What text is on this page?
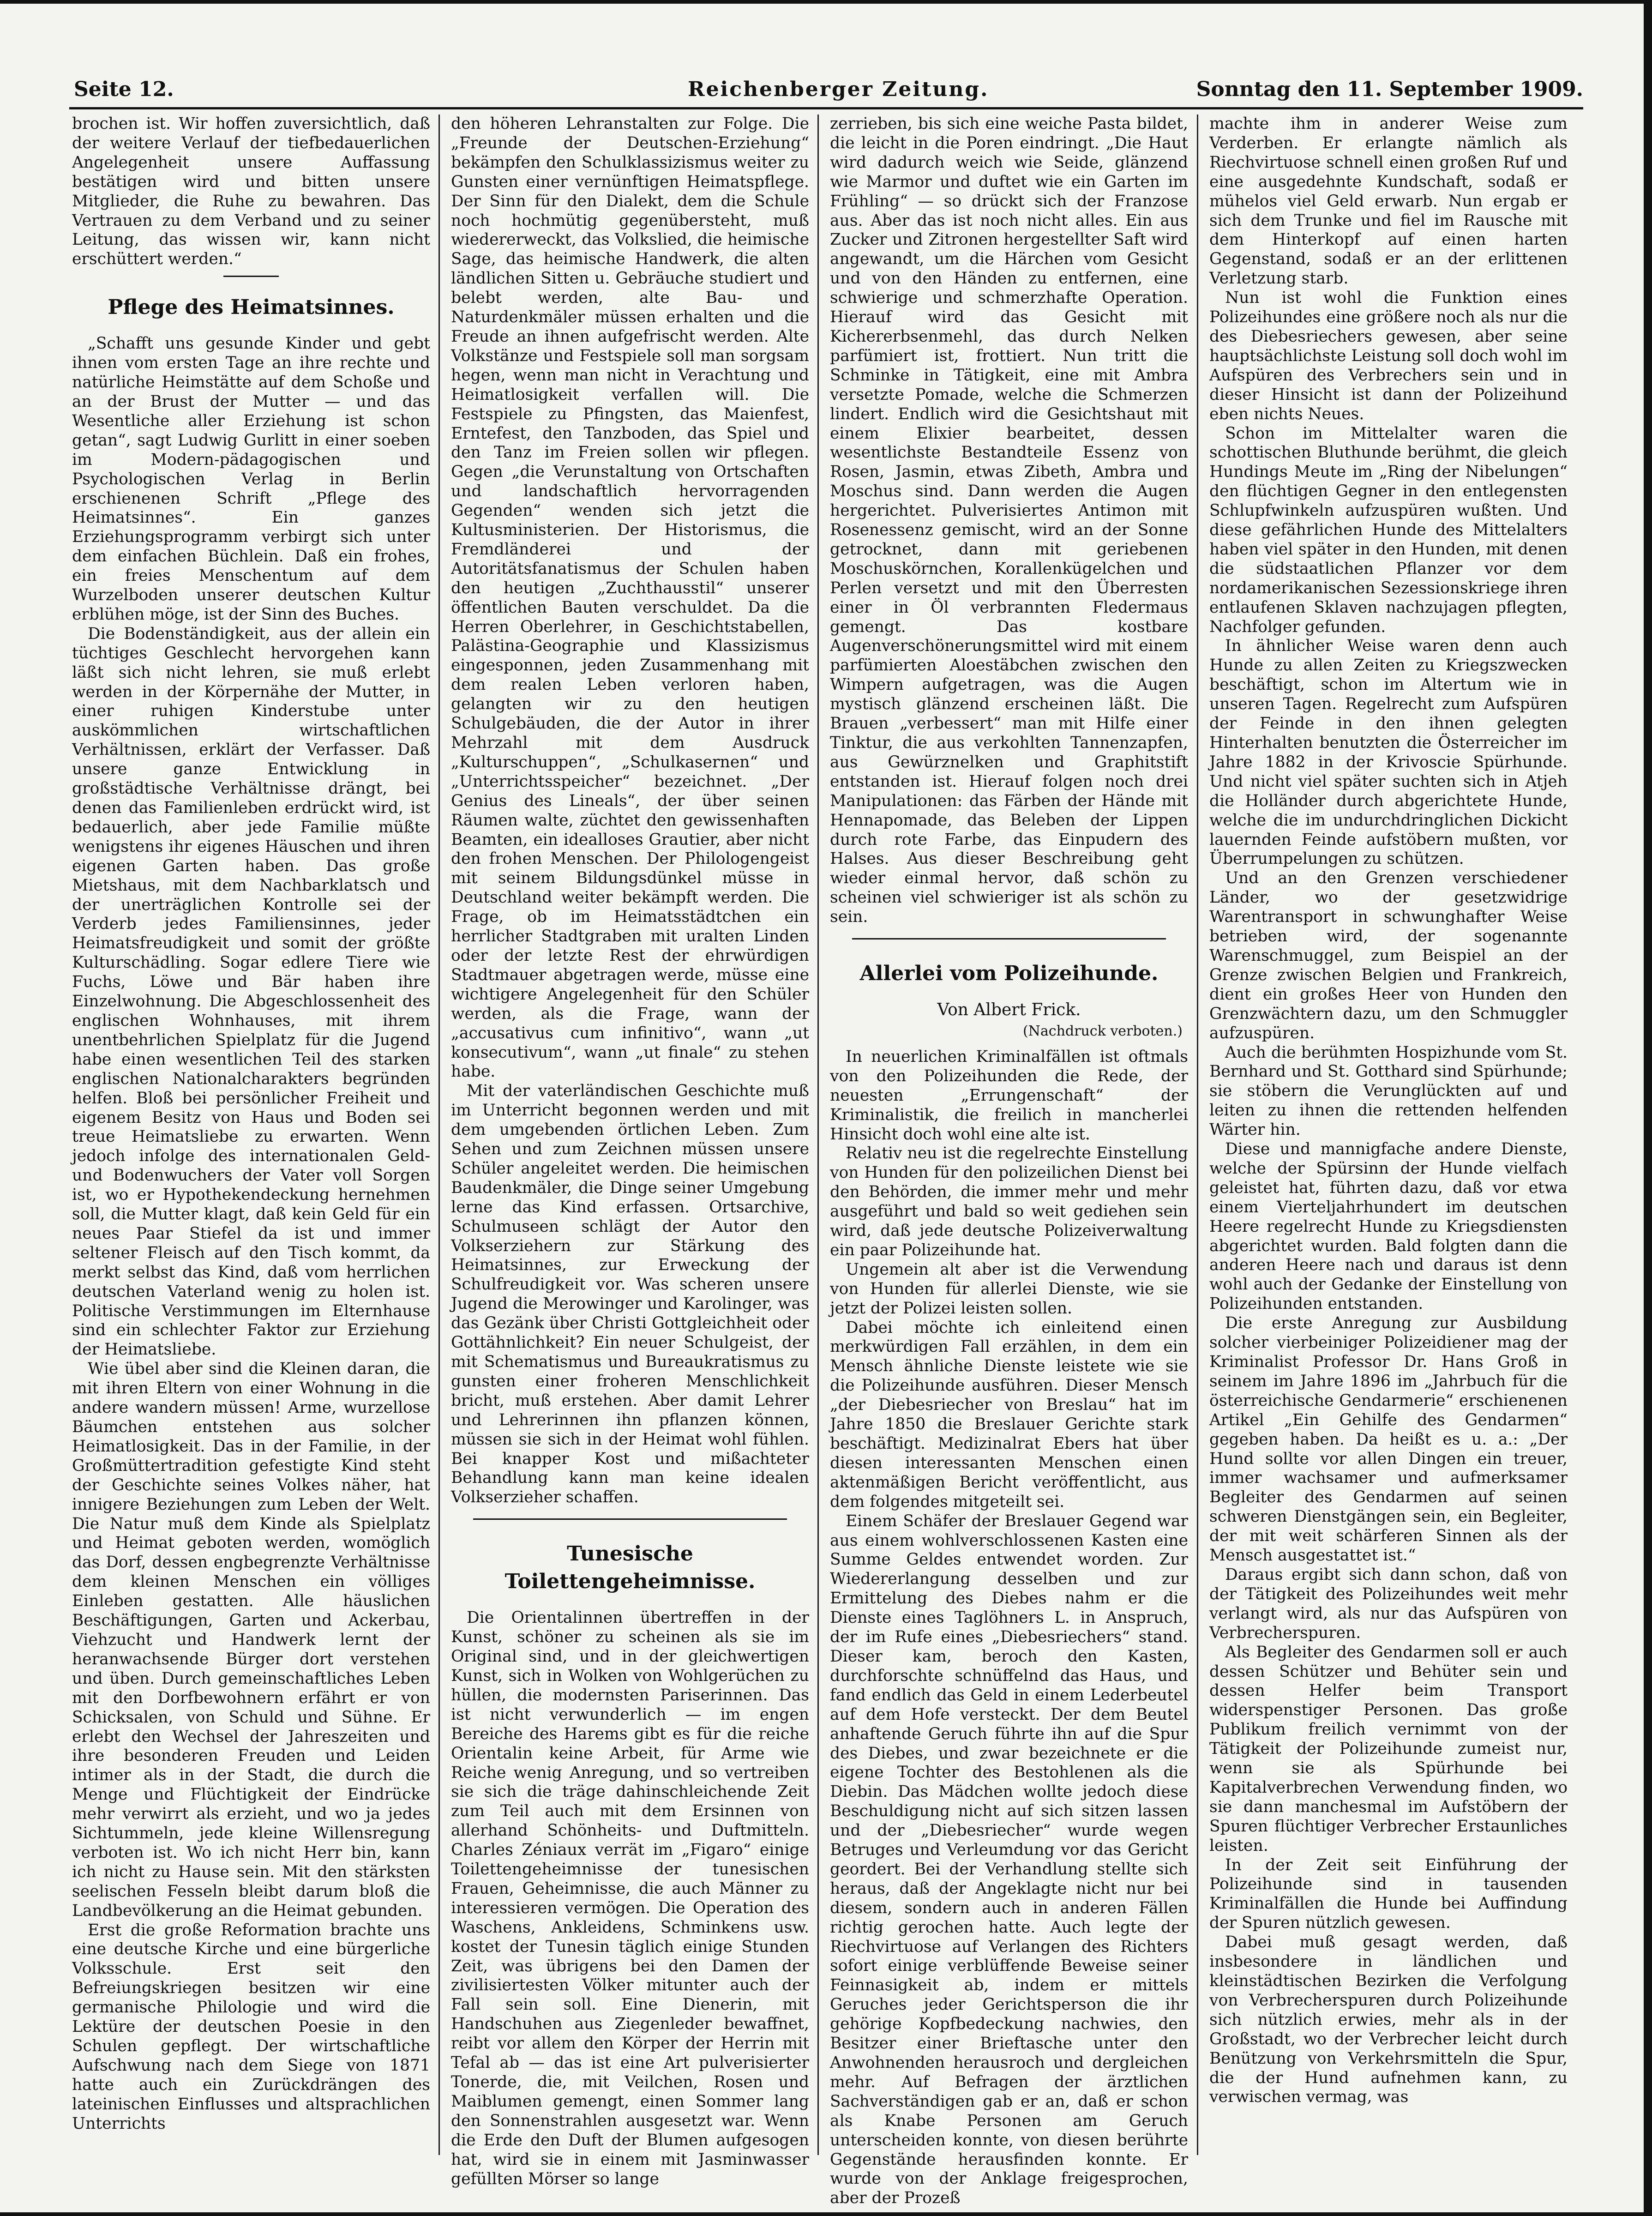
Seite 12.	Reichenberger Zeitung.	Sonntag den 11. September 1909.

brochen ist. Wir hoffen zuversichtlich, daß der weitere Verlauf der tiefbedauerlichen Angelegenheit unsere Auffassung bestätigen wird und bitten unsere Mitglieder, die Ruhe zu bewahren. Das Vertrauen zu dem Verband und zu seiner Leitung, das wissen wir, kann nicht erschüttert werden.“

Pflege des Heimatsinnes.

„Schafft uns gesunde Kinder und gebt ihnen vom ersten Tage an ihre rechte und natürliche Heimstätte auf dem Schoße und an der Brust der Mutter — und das Wesentliche aller Erziehung ist schon getan“, sagt Ludwig Gurlitt in einer soeben im Modern-pädagogischen und Psychologischen Verlag in Berlin erschienenen Schrift „Pflege des Heimatsinnes“. Ein ganzes Erziehungsprogramm verbirgt sich unter dem einfachen Büchlein. Daß ein frohes, ein freies Menschentum auf dem Wurzelboden unserer deutschen Kultur erblühen möge, ist der Sinn des Buches.

Die Bodenständigkeit, aus der allein ein tüchtiges Geschlecht hervorgehen kann läßt sich nicht lehren, sie muß erlebt werden in der Körpernähe der Mutter, in einer ruhigen Kinderstube unter auskömmlichen wirtschaftlichen Verhältnissen, erklärt der Verfasser. Daß unsere ganze Entwicklung in großstädtische Verhältnisse drängt, bei denen das Familienleben erdrückt wird, ist bedauerlich, aber jede Familie müßte wenigstens ihr eigenes Häuschen und ihren eigenen Garten haben. Das große Mietshaus, mit dem Nachbarklatsch und der unerträglichen Kontrolle sei der Verderb jedes Familiensinnes, jeder Heimatsfreudigkeit und somit der größte Kulturschädling. Sogar edlere Tiere wie Fuchs, Löwe und Bär haben ihre Einzelwohnung. Die Abgeschlossenheit des englischen Wohnhauses, mit ihrem unentbehrlichen Spielplatz für die Jugend habe einen wesentlichen Teil des starken englischen Nationalcharakters begründen helfen. Bloß bei persönlicher Freiheit und eigenem Besitz von Haus und Boden sei treue Heimatsliebe zu erwarten. Wenn jedoch infolge des internationalen Geld- und Bodenwuchers der Vater voll Sorgen ist, wo er Hypothekendeckung hernehmen soll, die Mutter klagt, daß kein Geld für ein neues Paar Stiefel da ist und immer seltener Fleisch auf den Tisch kommt, da merkt selbst das Kind, daß vom herrlichen deutschen Vaterland wenig zu holen ist. Politische Verstimmungen im Elternhause sind ein schlechter Faktor zur Erziehung der Heimatsliebe.

Wie übel aber sind die Kleinen daran, die mit ihren Eltern von einer Wohnung in die andere wandern müssen! Arme, wurzellose Bäumchen entstehen aus solcher Heimatlosigkeit. Das in der Familie, in der Großmüttertradition gefestigte Kind steht der Geschichte seines Volkes näher, hat innigere Beziehungen zum Leben der Welt. Die Natur muß dem Kinde als Spielplatz und Heimat geboten werden, womöglich das Dorf, dessen engbegrenzte Verhältnisse dem kleinen Menschen ein völliges Einleben gestatten. Alle häuslichen Beschäftigungen, Garten und Ackerbau, Viehzucht und Handwerk lernt der heranwachsende Bürger dort verstehen und üben. Durch gemeinschaftliches Leben mit den Dorfbewohnern erfährt er von Schicksalen, von Schuld und Sühne. Er erlebt den Wechsel der Jahreszeiten und ihre besonderen Freuden und Leiden intimer als in der Stadt, die durch die Menge und Flüchtigkeit der Eindrücke mehr verwirrt als erzieht, und wo ja jedes Sichtummeln, jede kleine Willensregung verboten ist. Wo ich nicht Herr bin, kann ich nicht zu Hause sein. Mit den stärksten seelischen Fesseln bleibt darum bloß die Landbevölkerung an die Heimat gebunden.

Erst die große Reformation brachte uns eine deutsche Kirche und eine bürgerliche Volksschule. Erst seit den Befreiungskriegen besitzen wir eine germanische Philologie und wird die Lektüre der deutschen Poesie in den Schulen gepflegt. Der wirtschaftliche Aufschwung nach dem Siege von 1871 hatte auch ein Zurückdrängen des lateinischen Einflusses und altsprachlichen Unterrichts

den höheren Lehranstalten zur Folge. Die „Freunde der Deutschen-Erziehung“ bekämpfen den Schulklassizismus weiter zu Gunsten einer vernünftigen Heimatspflege. Der Sinn für den Dialekt, dem die Schule noch hochmütig gegenübersteht, muß wiedererweckt, das Volkslied, die heimische Sage, das heimische Handwerk, die alten ländlichen Sitten u. Gebräuche studiert und belebt werden, alte Bau- und Naturdenkmäler müssen erhalten und die Freude an ihnen aufgefrischt werden. Alte Volkstänze und Festspiele soll man sorgsam hegen, wenn man nicht in Verachtung und Heimatlosigkeit verfallen will. Die Festspiele zu Pfingsten, das Maienfest, Erntefest, den Tanzboden, das Spiel und den Tanz im Freien sollen wir pflegen. Gegen „die Verunstaltung von Ortschaften und landschaftlich hervorragenden Gegenden“ wenden sich jetzt die Kultusministerien. Der Historismus, die Fremdländerei und der Autoritätsfanatismus der Schulen haben den heutigen „Zuchthausstil“ unserer öffentlichen Bauten verschuldet. Da die Herren Oberlehrer, in Geschichtstabellen, Palästina-Geographie und Klassizismus eingesponnen, jeden Zusammenhang mit dem realen Leben verloren haben, gelangten wir zu den heutigen Schulgebäuden, die der Autor in ihrer Mehrzahl mit dem Ausdruck „Kulturschuppen“, „Schulkasernen“ und „Unterrichtsspeicher“ bezeichnet. „Der Genius des Lineals“, der über seinen Räumen walte, züchtet den gewissenhaften Beamten, ein idealloses Grautier, aber nicht den frohen Menschen. Der Philologengeist mit seinem Bildungsdünkel müsse in Deutschland weiter bekämpft werden. Die Frage, ob im Heimatsstädtchen ein herrlicher Stadtgraben mit uralten Linden oder der letzte Rest der ehrwürdigen Stadtmauer abgetragen werde, müsse eine wichtigere Angelegenheit für den Schüler werden, als die Frage, wann der „accusativus cum infinitivo“, wann „ut konsecutivum“, wann „ut finale“ zu stehen habe.

Mit der vaterländischen Geschichte muß im Unterricht begonnen werden und mit dem umgebenden örtlichen Leben. Zum Sehen und zum Zeichnen müssen unsere Schüler angeleitet werden. Die heimischen Baudenkmäler, die Dinge seiner Umgebung lerne das Kind erfassen. Ortsarchive, Schulmuseen schlägt der Autor den Volkserziehern zur Stärkung des Heimatsinnes, zur Erweckung der Schulfreudigkeit vor. Was scheren unsere Jugend die Merowinger und Karolinger, was das Gezänk über Christi Gottgleichheit oder Gottähnlichkeit? Ein neuer Schulgeist, der mit Schematismus und Bureaukratismus zu gunsten einer froheren Menschlichkeit bricht, muß erstehen. Aber damit Lehrer und Lehrerinnen ihn pflanzen können, müssen sie sich in der Heimat wohl fühlen. Bei knapper Kost und mißachteter Behandlung kann man keine idealen Volkserzieher schaffen.

Tunesische Toilettengeheimnisse.

Die Orientalinnen übertreffen in der Kunst, schöner zu scheinen als sie im Original sind, und in der gleichwertigen Kunst, sich in Wolken von Wohlgerüchen zu hüllen, die modernsten Pariserinnen. Das ist nicht verwunderlich — im engen Bereiche des Harems gibt es für die reiche Orientalin keine Arbeit, für Arme wie Reiche wenig Anregung, und so vertreiben sie sich die träge dahinschleichende Zeit zum Teil auch mit dem Ersinnen von allerhand Schönheits- und Duftmitteln. Charles Zéniaux verrät im „Figaro“ einige Toilettengeheimnisse der tunesischen Frauen, Geheimnisse, die auch Männer zu interessieren vermögen. Die Operation des Waschens, Ankleidens, Schminkens usw. kostet der Tunesin täglich einige Stunden Zeit, was übrigens bei den Damen der zivilisiertesten Völker mitunter auch der Fall sein soll. Eine Dienerin, mit Handschuhen aus Ziegenleder bewaffnet, reibt vor allem den Körper der Herrin mit Tefal ab — das ist eine Art pulverisierter Tonerde, die, mit Veilchen, Rosen und Maiblumen gemengt, einen Sommer lang den Sonnenstrahlen ausgesetzt war. Wenn die Erde den Duft der Blumen aufgesogen hat, wird sie in einem mit Jasminwasser gefüllten Mörser so lange

zerrieben, bis sich eine weiche Pasta bildet, die leicht in die Poren eindringt. „Die Haut wird dadurch weich wie Seide, glänzend wie Marmor und duftet wie ein Garten im Frühling“ — so drückt sich der Franzose aus. Aber das ist noch nicht alles. Ein aus Zucker und Zitronen hergestellter Saft wird angewandt, um die Härchen vom Gesicht und von den Händen zu entfernen, eine schwierige und schmerzhafte Operation. Hierauf wird das Gesicht mit Kichererbsenmehl, das durch Nelken parfümiert ist, frottiert. Nun tritt die Schminke in Tätigkeit, eine mit Ambra versetzte Pomade, welche die Schmerzen lindert. Endlich wird die Gesichtshaut mit einem Elixier bearbeitet, dessen wesentlichste Bestandteile Essenz von Rosen, Jasmin, etwas Zibeth, Ambra und Moschus sind. Dann werden die Augen hergerichtet. Pulverisiertes Antimon mit Rosenessenz gemischt, wird an der Sonne getrocknet, dann mit geriebenen Moschuskörnchen, Korallenkügelchen und Perlen versetzt und mit den Überresten einer in Öl verbrannten Fledermaus gemengt. Das kostbare Augenverschönerungsmittel wird mit einem parfümierten Aloestäbchen zwischen den Wimpern aufgetragen, was die Augen mystisch glänzend erscheinen läßt. Die Brauen „verbessert“ man mit Hilfe einer Tinktur, die aus verkohlten Tannenzapfen, aus Gewürznelken und Graphitstift entstanden ist. Hierauf folgen noch drei Manipulationen: das Färben der Hände mit Hennapomade, das Beleben der Lippen durch rote Farbe, das Einpudern des Halses. Aus dieser Beschreibung geht wieder einmal hervor, daß schön zu scheinen viel schwieriger ist als schön zu sein.

Allerlei vom Polizeihunde.
Von Albert Frick.
(Nachdruck verboten.)

In neuerlichen Kriminalfällen ist oftmals von den Polizeihunden die Rede, der neuesten „Errungenschaft“ der Kriminalistik, die freilich in mancherlei Hinsicht doch wohl eine alte ist.

Relativ neu ist die regelrechte Einstellung von Hunden für den polizeilichen Dienst bei den Behörden, die immer mehr und mehr ausgeführt und bald so weit gediehen sein wird, daß jede deutsche Polizeiverwaltung ein paar Polizeihunde hat.

Ungemein alt aber ist die Verwendung von Hunden für allerlei Dienste, wie sie jetzt der Polizei leisten sollen.

Dabei möchte ich einleitend einen merkwürdigen Fall erzählen, in dem ein Mensch ähnliche Dienste leistete wie sie die Polizeihunde ausführen. Dieser Mensch „der Diebesriecher von Breslau“ hat im Jahre 1850 die Breslauer Gerichte stark beschäftigt. Medizinalrat Ebers hat über diesen interessanten Menschen einen aktenmäßigen Bericht veröffentlicht, aus dem folgendes mitgeteilt sei.

Einem Schäfer der Breslauer Gegend war aus einem wohlverschlossenen Kasten eine Summe Geldes entwendet worden. Zur Wiedererlangung desselben und zur Ermittelung des Diebes nahm er die Dienste eines Taglöhners L. in Anspruch, der im Rufe eines „Diebesriechers“ stand. Dieser kam, beroch den Kasten, durchforschte schnüffelnd das Haus, und fand endlich das Geld in einem Lederbeutel auf dem Hofe versteckt. Der dem Beutel anhaftende Geruch führte ihn auf die Spur des Diebes, und zwar bezeichnete er die eigene Tochter des Bestohlenen als die Diebin. Das Mädchen wollte jedoch diese Beschuldigung nicht auf sich sitzen lassen und der „Diebesriecher“ wurde wegen Betruges und Verleumdung vor das Gericht geordert. Bei der Verhandlung stellte sich heraus, daß der Angeklagte nicht nur bei diesem, sondern auch in anderen Fällen richtig gerochen hatte. Auch legte der Riechvirtuose auf Verlangen des Richters sofort einige verblüffende Beweise seiner Feinnasigkeit ab, indem er mittels Geruches jeder Gerichtsperson die ihr gehörige Kopfbedeckung nachwies, den Besitzer einer Brieftasche unter den Anwohnenden herausroch und dergleichen mehr. Auf Befragen der ärztlichen Sachverständigen gab er an, daß er schon als Knabe Personen am Geruch unterscheiden konnte, von diesen berührte Gegenstände herausfinden konnte. Er wurde von der Anklage freigesprochen, aber der Prozeß

machte ihm in anderer Weise zum Verderben. Er erlangte nämlich als Riechvirtuose schnell einen großen Ruf und eine ausgedehnte Kundschaft, sodaß er mühelos viel Geld erwarb. Nun ergab er sich dem Trunke und fiel im Rausche mit dem Hinterkopf auf einen harten Gegenstand, sodaß er an der erlittenen Verletzung starb.

Nun ist wohl die Funktion eines Polizeihundes eine größere noch als nur die des Diebesriechers gewesen, aber seine hauptsächlichste Leistung soll doch wohl im Aufspüren des Verbrechers sein und in dieser Hinsicht ist dann der Polizeihund eben nichts Neues.

Schon im Mittelalter waren die schottischen Bluthunde berühmt, die gleich Hundings Meute im „Ring der Nibelungen“ den flüchtigen Gegner in den entlegensten Schlupfwinkeln aufzuspüren wußten. Und diese gefährlichen Hunde des Mittelalters haben viel später in den Hunden, mit denen die südstaatlichen Pflanzer vor dem nordamerikanischen Sezessionskriege ihren entlaufenen Sklaven nachzujagen pflegten, Nachfolger gefunden.

In ähnlicher Weise waren denn auch Hunde zu allen Zeiten zu Kriegszwecken beschäftigt, schon im Altertum wie in unseren Tagen. Regelrecht zum Aufspüren der Feinde in den ihnen gelegten Hinterhalten benutzten die Österreicher im Jahre 1882 in der Krivoscie Spürhunde. Und nicht viel später suchten sich in Atjeh die Holländer durch abgerichtete Hunde, welche die im undurchdringlichen Dickicht lauernden Feinde aufstöbern mußten, vor Überrumpelungen zu schützen.

Und an den Grenzen verschiedener Länder, wo der gesetzwidrige Warentransport in schwunghafter Weise betrieben wird, der sogenannte Warenschmuggel, zum Beispiel an der Grenze zwischen Belgien und Frankreich, dient ein großes Heer von Hunden den Grenzwächtern dazu, um den Schmuggler aufzuspüren.

Auch die berühmten Hospizhunde vom St. Bernhard und St. Gotthard sind Spürhunde; sie stöbern die Verunglückten auf und leiten zu ihnen die rettenden helfenden Wärter hin.

Diese und mannigfache andere Dienste, welche der Spürsinn der Hunde vielfach geleistet hat, führten dazu, daß vor etwa einem Vierteljahrhundert im deutschen Heere regelrecht Hunde zu Kriegsdiensten abgerichtet wurden. Bald folgten dann die anderen Heere nach und daraus ist denn wohl auch der Gedanke der Einstellung von Polizeihunden entstanden.

Die erste Anregung zur Ausbildung solcher vierbeiniger Polizeidiener mag der Kriminalist Professor Dr. Hans Groß in seinem im Jahre 1896 im „Jahrbuch für die österreichische Gendarmerie“ erschienenen Artikel „Ein Gehilfe des Gendarmen“ gegeben haben. Da heißt es u. a.: „Der Hund sollte vor allen Dingen ein treuer, immer wachsamer und aufmerksamer Begleiter des Gendarmen auf seinen schweren Dienstgängen sein, ein Begleiter, der mit weit schärferen Sinnen als der Mensch ausgestattet ist.“

Daraus ergibt sich dann schon, daß von der Tätigkeit des Polizeihundes weit mehr verlangt wird, als nur das Aufspüren von Verbrecherspuren.

Als Begleiter des Gendarmen soll er auch dessen Schützer und Behüter sein und dessen Helfer beim Transport widerspenstiger Personen. Das große Publikum freilich vernimmt von der Tätigkeit der Polizeihunde zumeist nur, wenn sie als Spürhunde bei Kapitalverbrechen Verwendung finden, wo sie dann manchesmal im Aufstöbern der Spuren flüchtiger Verbrecher Erstaunliches leisten.

In der Zeit seit Einführung der Polizeihunde sind in tausenden Kriminalfällen die Hunde bei Auffindung der Spuren nützlich gewesen.

Dabei muß gesagt werden, daß insbesondere in ländlichen und kleinstädtischen Bezirken die Verfolgung von Verbrecherspuren durch Polizeihunde sich nützlich erwies, mehr als in der Großstadt, wo der Verbrecher leicht durch Benützung von Verkehrsmitteln die Spur, die der Hund aufnehmen kann, zu verwischen vermag, was
